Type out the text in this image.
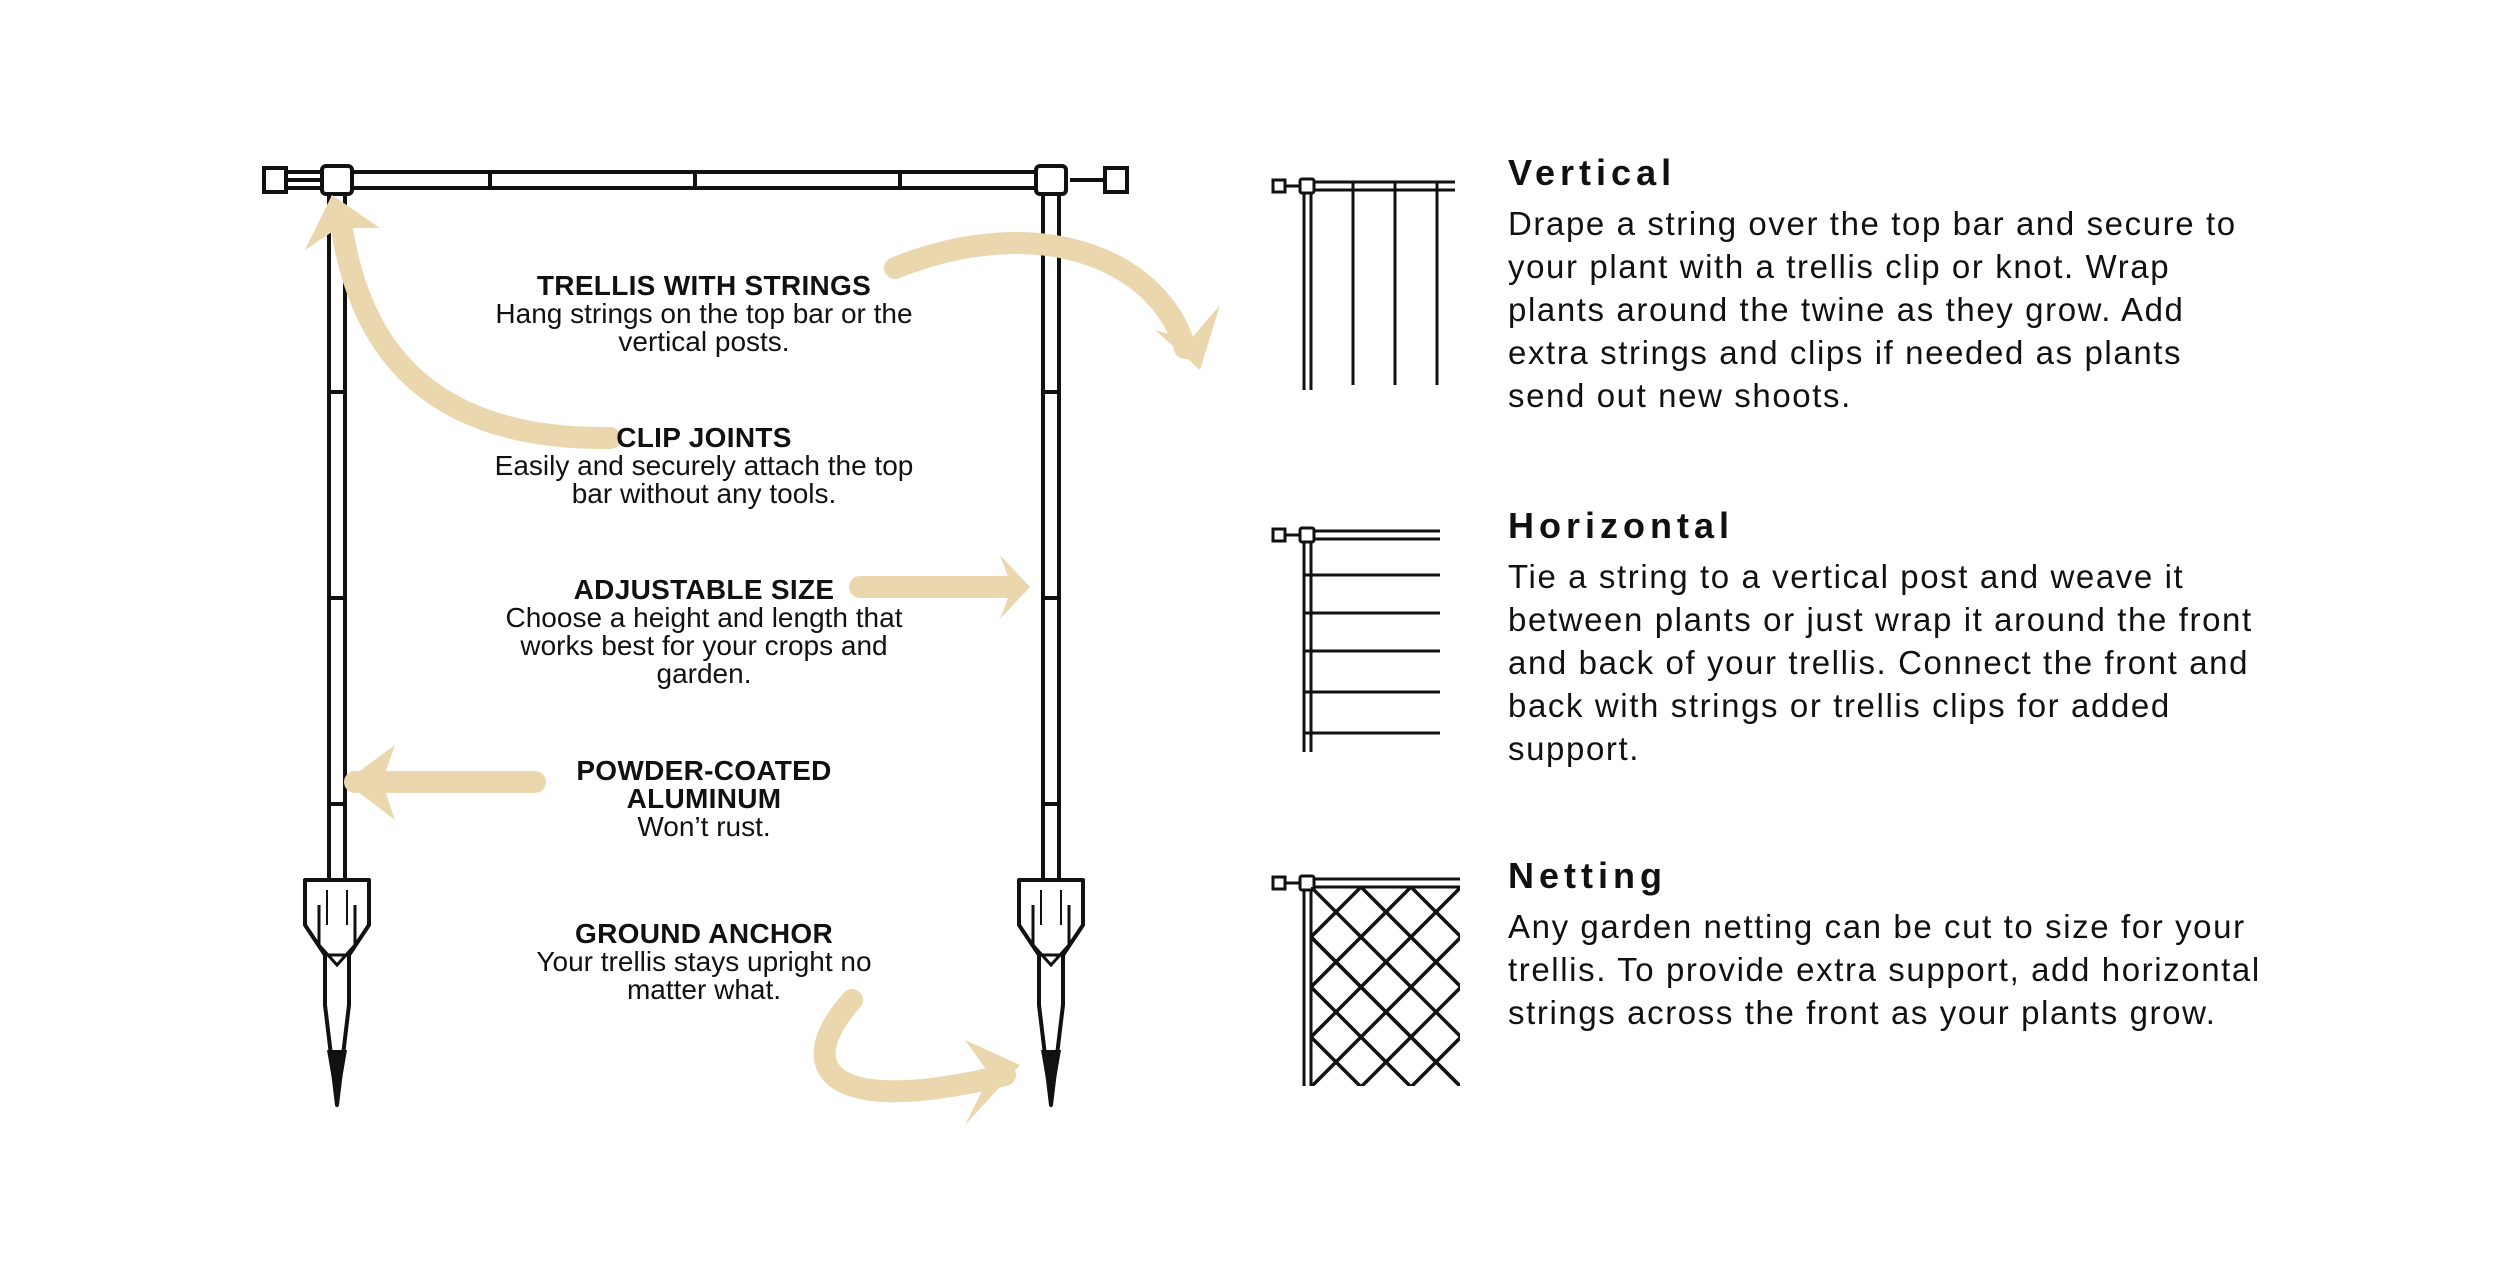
TRELLIS WITH STRINGS
Hang strings on the top bar or the vertical posts.
CLIP JOINTS
Easily and securely attach the top bar without any tools.
ADJUSTABLE SIZE
Choose a height and length that works best for your crops and garden.
POWDER-COATED ALUMINUM
Won’t rust.
GROUND ANCHOR
Your trellis stays upright no matter what.
Vertical
Drape a string over the top bar and secure to your plant with a trellis clip or knot. Wrap plants around the twine as they grow. Add extra strings and clips if needed as plants send out new shoots.
Horizontal
Tie a string to a vertical post and weave it between plants or just wrap it around the front and back of your trellis. Connect the front and back with strings or trellis clips for added support.
Netting
Any garden netting can be cut to size for your trellis. To provide extra support, add horizontal strings across the front as your plants grow.
